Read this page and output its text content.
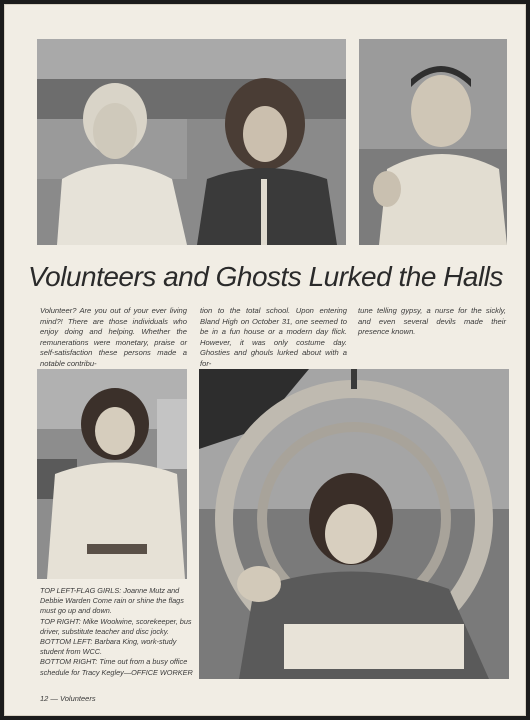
Volunteers and Ghosts Lurked the Halls
Volunteer? Are you out of your ever living mind?! There are those individuals who enjoy doing and helping. Whether the remunerations were monetary, praise or self-satisfaction these persons made a notable contribu-
tion to the total school. Upon entering Bland High on October 31, one seemed to be in a fun house or a modern day flick. However, it was only costume day. Ghosties and ghouls lurked about with a for-
tune telling gypsy, a nurse for the sickly, and even several devils made their presence known.

TOP LEFT-FLAG GIRLS: Joanne Mutz and Debbie Warden Come rain or shine the flags must go up and down.

TOP RIGHT: Mike Woolwine, scorekeeper, bus driver, substitute teacher and disc jocky.

BOTTOM LEFT: Barbara King, work-study student from WCC.

BOTTOM RIGHT: Time out from a busy office schedule for Tracy Kegley—OFFICE WORKER

12 — Volunteers
